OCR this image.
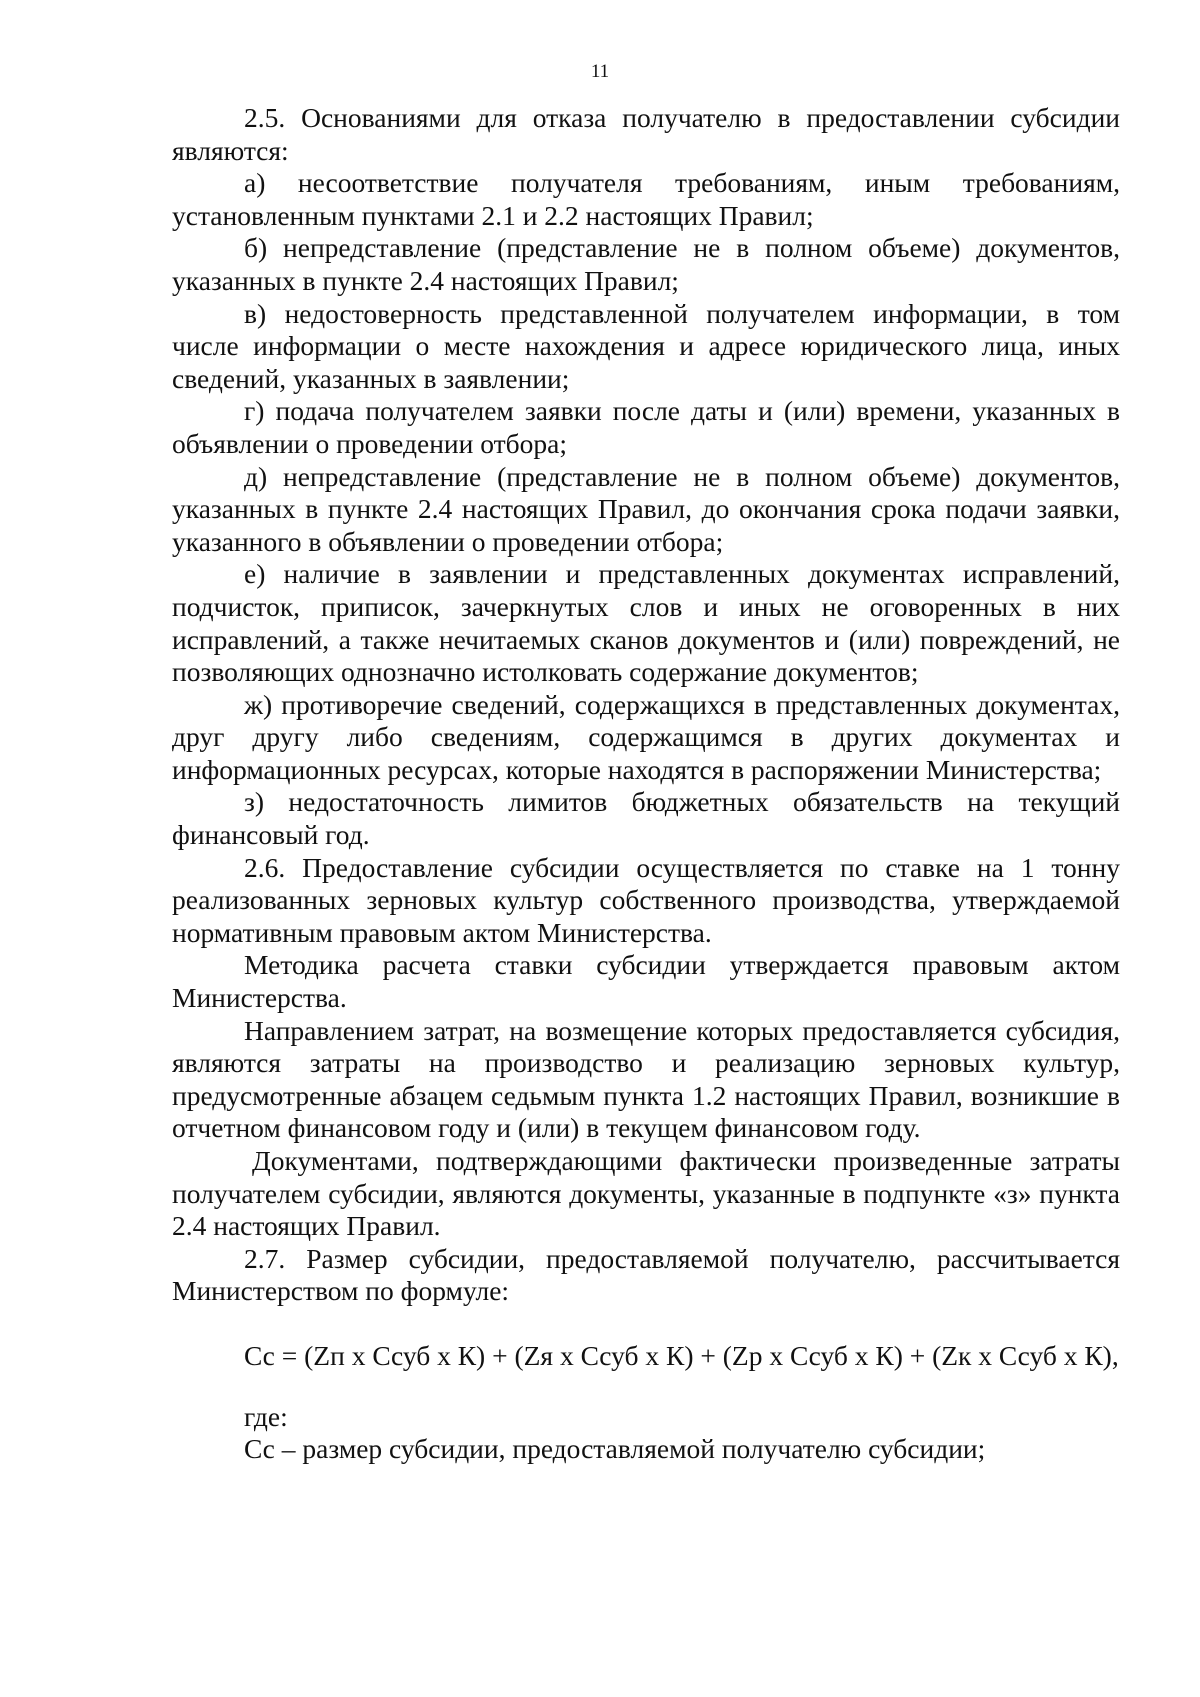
11

2.5. Основаниями для отказа получателю в предоставлении субсидии являются:

а) несоответствие получателя требованиям, иным требованиям, установленным пунктами 2.1 и 2.2 настоящих Правил;

б) непредставление (представление не в полном объеме) документов, указанных в пункте 2.4 настоящих Правил;

в) недостоверность представленной получателем информации, в том числе информации о месте нахождения и адресе юридического лица, иных сведений, указанных в заявлении;

г) подача получателем заявки после даты и (или) времени, указанных в объявлении о проведении отбора;

д) непредставление (представление не в полном объеме) документов, указанных в пункте 2.4 настоящих Правил, до окончания срока подачи заявки, указанного в объявлении о проведении отбора;

е) наличие в заявлении и представленных документах исправлений, подчисток, приписок, зачеркнутых слов и иных не оговоренных в них исправлений, а также нечитаемых сканов документов и (или) повреждений, не позволяющих однозначно истолковать содержание документов;

ж) противоречие сведений, содержащихся в представленных документах, друг другу либо сведениям, содержащимся в других документах и информационных ресурсах, которые находятся в распоряжении Министерства;

з) недостаточность лимитов бюджетных обязательств на текущий финансовый год.

2.6. Предоставление субсидии осуществляется по ставке на 1 тонну реализованных зерновых культур собственного производства, утверждаемой нормативным правовым актом Министерства.

Методика расчета ставки субсидии утверждается правовым актом Министерства.

Направлением затрат, на возмещение которых предоставляется субсидия, являются затраты на производство и реализацию зерновых культур, предусмотренные абзацем седьмым пункта 1.2 настоящих Правил, возникшие в отчетном финансовом году и (или) в текущем финансовом году.

Документами, подтверждающими фактически произведенные затраты получателем субсидии, являются документы, указанные в подпункте «з» пункта 2.4 настоящих Правил.

2.7. Размер субсидии, предоставляемой получателю, рассчитывается Министерством по формуле:

Сс = (Zп х Ссуб х К) + (Zя х Ссуб х К) + (Zр х Ссуб х К) + (Zк х Ссуб х К),

где:

Сс – размер субсидии, предоставляемой получателю субсидии;
